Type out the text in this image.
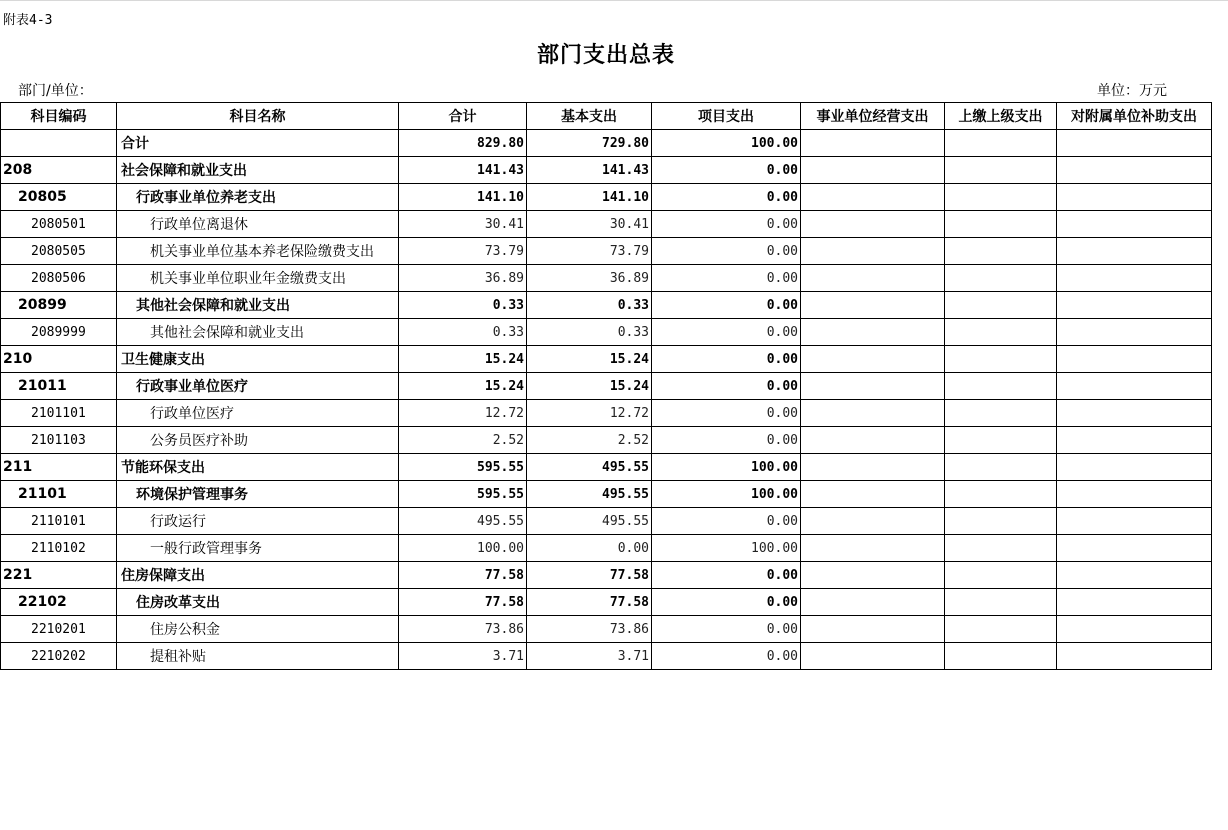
附表4-3
部门支出总表
部门/单位：	单位：万元
科目编码	科目名称	合计	基本支出	项目支出	事业单位经营支出	上缴上级支出	对附属单位补助支出
	合计	829.80	729.80	100.00			
208	社会保障和就业支出	141.43	141.43	0.00			
20805	行政事业单位养老支出	141.10	141.10	0.00			
2080501	行政单位离退休	30.41	30.41	0.00			
2080505	机关事业单位基本养老保险缴费支出	73.79	73.79	0.00			
2080506	机关事业单位职业年金缴费支出	36.89	36.89	0.00			
20899	其他社会保障和就业支出	0.33	0.33	0.00			
2089999	其他社会保障和就业支出	0.33	0.33	0.00			
210	卫生健康支出	15.24	15.24	0.00			
21011	行政事业单位医疗	15.24	15.24	0.00			
2101101	行政单位医疗	12.72	12.72	0.00			
2101103	公务员医疗补助	2.52	2.52	0.00			
211	节能环保支出	595.55	495.55	100.00			
21101	环境保护管理事务	595.55	495.55	100.00			
2110101	行政运行	495.55	495.55	0.00			
2110102	一般行政管理事务	100.00	0.00	100.00			
221	住房保障支出	77.58	77.58	0.00			
22102	住房改革支出	77.58	77.58	0.00			
2210201	住房公积金	73.86	73.86	0.00			
2210202	提租补贴	3.71	3.71	0.00			
